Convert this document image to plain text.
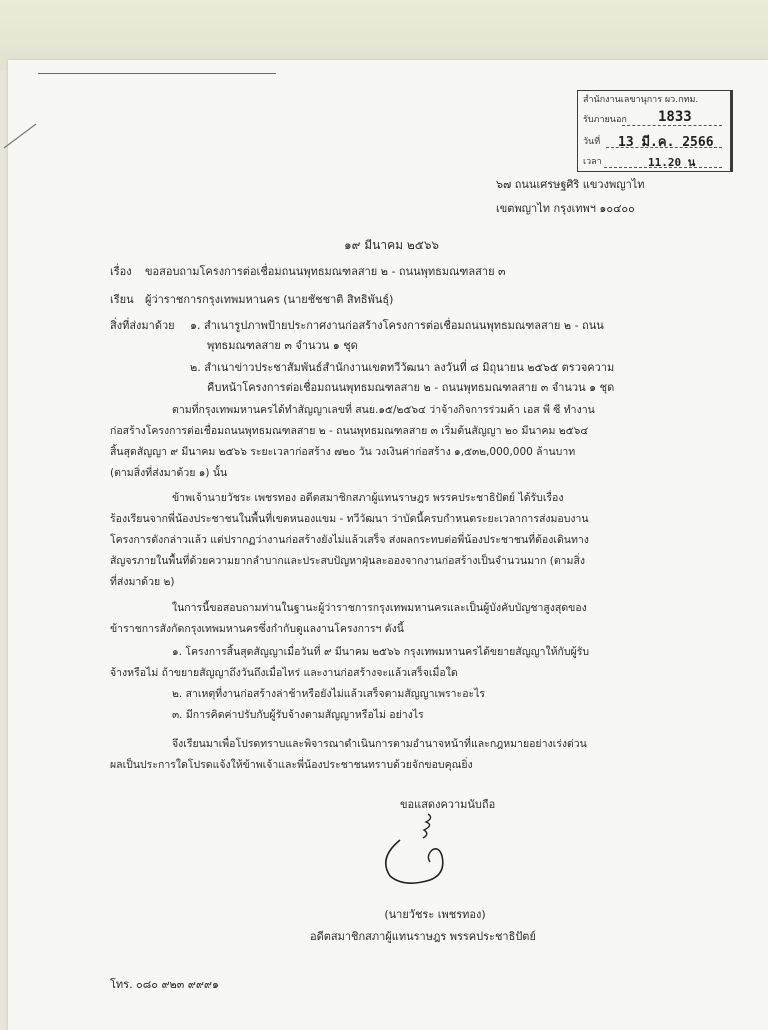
สำนักงานเลขานุการ ผว.กทม.
รับภายนอก 1833
วันที่ 13 มี.ค. 2566
เวลา	11.20 น
๖๗ ถนนเศรษฐศิริ แขวงพญาไท
เขตพญาไท กรุงเทพฯ ๑๐๔๐๐
๑๙ มีนาคม ๒๕๖๖
เรื่อง ขอสอบถามโครงการต่อเชื่อมถนนพุทธมณฑลสาย ๒ - ถนนพุทธมณฑลสาย ๓
เรียน ผู้ว่าราชการกรุงเทพมหานคร (นายชัชชาติ สิทธิพันธุ์)
สิ่งที่ส่งมาด้วย ๑. สำเนารูปภาพป้ายประกาศงานก่อสร้างโครงการต่อเชื่อมถนนพุทธมณฑลสาย ๒ - ถนน
พุทธมณฑลสาย ๓ จำนวน ๑ ชุด
๒. สำเนาข่าวประชาสัมพันธ์สำนักงานเขตทวีวัฒนา ลงวันที่ ๘ มิถุนายน ๒๕๖๕ ตรวจความ
คืบหน้าโครงการต่อเชื่อมถนนพุทธมณฑลสาย ๒ - ถนนพุทธมณฑลสาย ๓ จำนวน ๑ ชุด
ตามที่กรุงเทพมหานครได้ทำสัญญาเลขที่ สนย.๑๕/๒๕๖๔ ว่าจ้างกิจการร่วมค้า เอส พี ซี ทำงาน
ก่อสร้างโครงการต่อเชื่อมถนนพุทธมณฑลสาย ๒ - ถนนพุทธมณฑลสาย ๓ เริ่มต้นสัญญา ๒๐ มีนาคม ๒๕๖๔
สิ้นสุดสัญญา ๙ มีนาคม ๒๕๖๖ ระยะเวลาก่อสร้าง ๗๒๐ วัน วงเงินค่าก่อสร้าง ๑,๕๓๒,000,000 ล้านบาท
(ตามสิ่งที่ส่งมาด้วย ๑) นั้น
ข้าพเจ้านายวัชระ เพชรทอง อดีตสมาชิกสภาผู้แทนราษฎร พรรคประชาธิปัตย์ ได้รับเรื่อง
ร้องเรียนจากพี่น้องประชาชนในพื้นที่เขตหนองแขม - ทวีวัฒนา ว่าบัดนี้ครบกำหนดระยะเวลาการส่งมอบงาน
โครงการดังกล่าวแล้ว แต่ปรากฏว่างานก่อสร้างยังไม่แล้วเสร็จ ส่งผลกระทบต่อพี่น้องประชาชนที่ต้องเดินทาง
สัญจรภายในพื้นที่ด้วยความยากลำบากและประสบปัญหาฝุ่นละอองจากงานก่อสร้างเป็นจำนวนมาก (ตามสิ่ง
ที่ส่งมาด้วย ๒)
ในการนี้ขอสอบถามท่านในฐานะผู้ว่าราชการกรุงเทพมหานครและเป็นผู้บังคับบัญชาสูงสุดของ
ข้าราชการสังกัดกรุงเทพมหานครซึ่งกำกับดูแลงานโครงการฯ ดังนี้
๑. โครงการสิ้นสุดสัญญาเมื่อวันที่ ๙ มีนาคม ๒๕๖๖ กรุงเทพมหานครได้ขยายสัญญาให้กับผู้รับ
จ้างหรือไม่ ถ้าขยายสัญญาถึงวันถึงเมื่อไหร่ และงานก่อสร้างจะแล้วเสร็จเมื่อใด
๒. สาเหตุที่งานก่อสร้างล่าช้าหรือยังไม่แล้วเสร็จตามสัญญาเพราะอะไร
๓. มีการคิดค่าปรับกับผู้รับจ้างตามสัญญาหรือไม่ อย่างไร
จึงเรียนมาเพื่อโปรดทราบและพิจารณาดำเนินการตามอำนาจหน้าที่และกฎหมายอย่างเร่งด่วน
ผลเป็นประการใดโปรดแจ้งให้ข้าพเจ้าและพี่น้องประชาชนทราบด้วยจักขอบคุณยิ่ง
ขอแสดงความนับถือ
(นายวัชระ เพชรทอง)
อดีตสมาชิกสภาผู้แทนราษฎร พรรคประชาธิปัตย์
โทร. ๐๘๐ ๙๒๓ ๙๙๙๑
